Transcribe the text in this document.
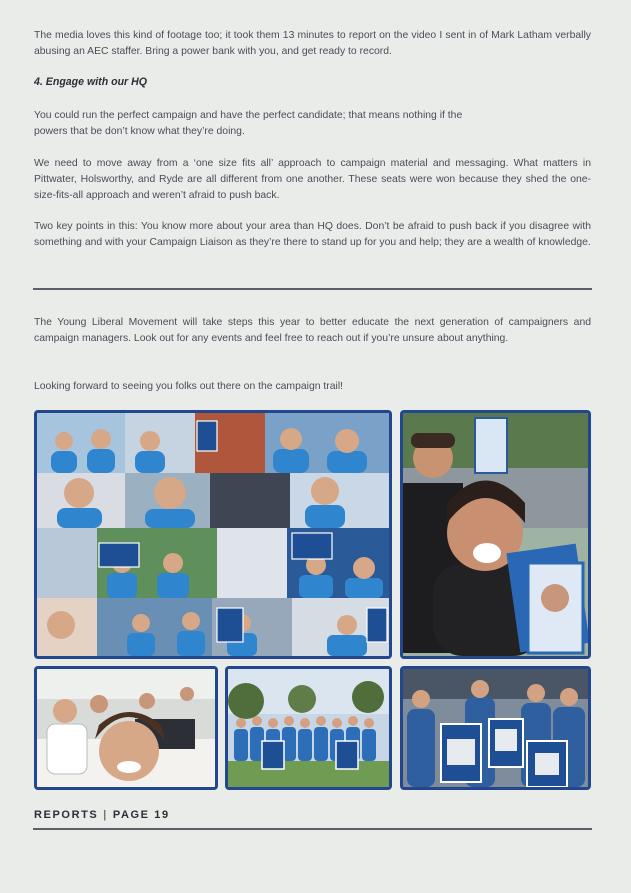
The media loves this kind of footage too; it took them 13 minutes to report on the video I sent in of Mark Latham verbally abusing an AEC staffer. Bring a power bank with you, and get ready to record.

4. Engage with our HQ

You could run the perfect campaign and have the perfect candidate; that means nothing if the

powers that be don’t know what they’re doing.

We need to move away from a ‘one size fits all’ approach to campaign material and messaging. What matters in Pittwater, Holsworthy, and Ryde are all different from one another. These seats were won because they shed the one-size-fits-all approach and weren’t afraid to push back.

Two key points in this: You know more about your area than HQ does. Don’t be afraid to push back if you disagree with something and with your Campaign Liaison as they’re there to stand up for you and help; they are a wealth of knowledge.

The Young Liberal Movement will take steps this year to better educate the next generation of campaigners and campaign managers. Look out for any events and feel free to reach out if you’re unsure about anything.

Looking forward to seeing you folks out there on the campaign trail!

REPORTS | PAGE 19
